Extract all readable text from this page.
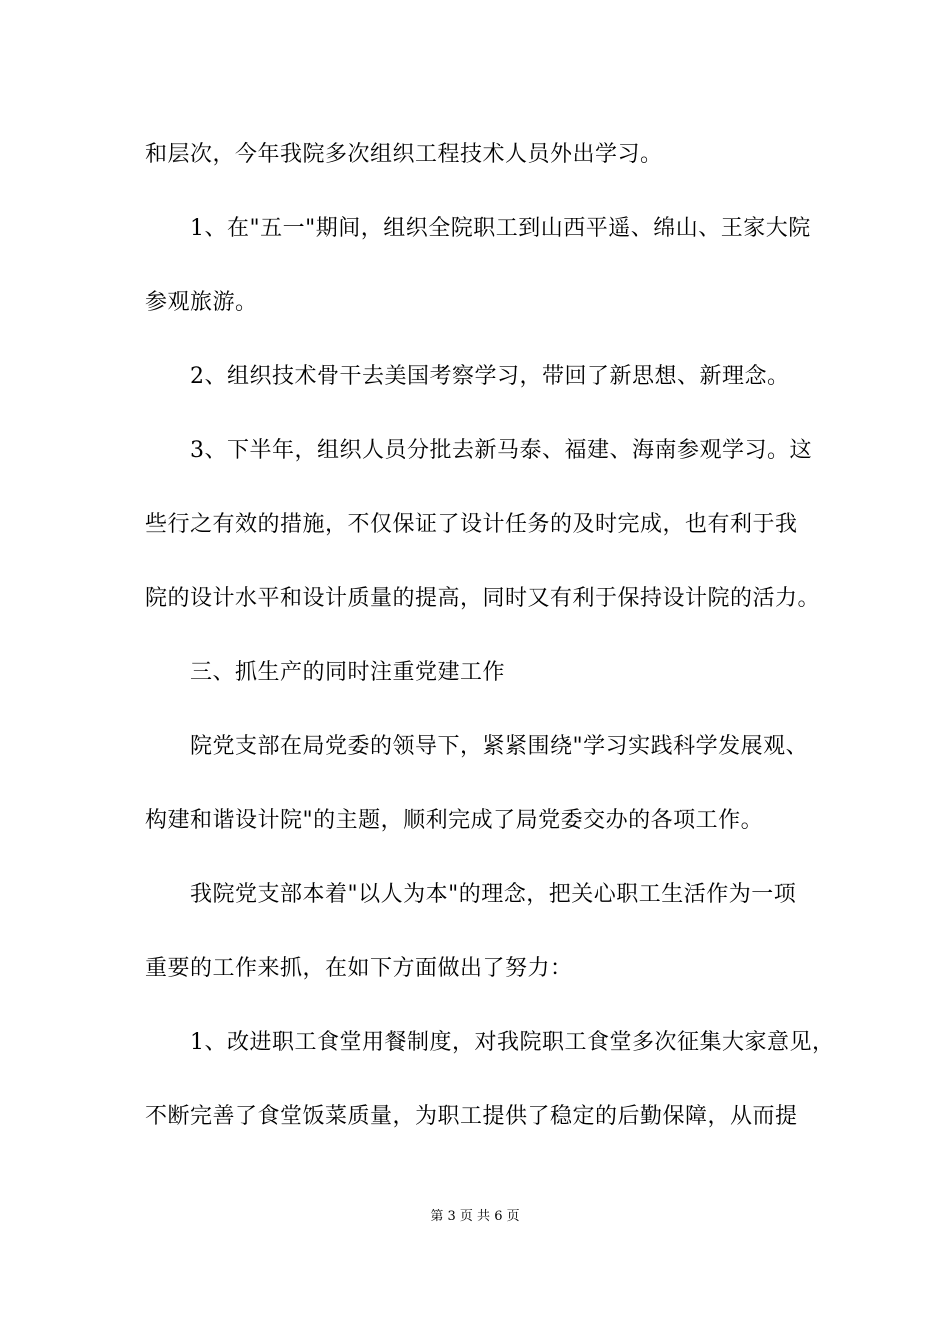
和层次，今年我院多次组织工程技术人员外出学习。
1、在"五一"期间，组织全院职工到山西平遥、绵山、王家大院
参观旅游。
2、组织技术骨干去美国考察学习，带回了新思想、新理念。
3、下半年，组织人员分批去新马泰、福建、海南参观学习。这
些行之有效的措施，不仅保证了设计任务的及时完成，也有利于我
院的设计水平和设计质量的提高，同时又有利于保持设计院的活力。
三、抓生产的同时注重党建工作
院党支部在局党委的领导下，紧紧围绕"学习实践科学发展观、
构建和谐设计院"的主题，顺利完成了局党委交办的各项工作。
我院党支部本着"以人为本"的理念，把关心职工生活作为一项
重要的工作来抓，在如下方面做出了努力：
1、改进职工食堂用餐制度，对我院职工食堂多次征集大家意见，
不断完善了食堂饭菜质量，为职工提供了稳定的后勤保障，从而提
第 3 页 共 6 页
